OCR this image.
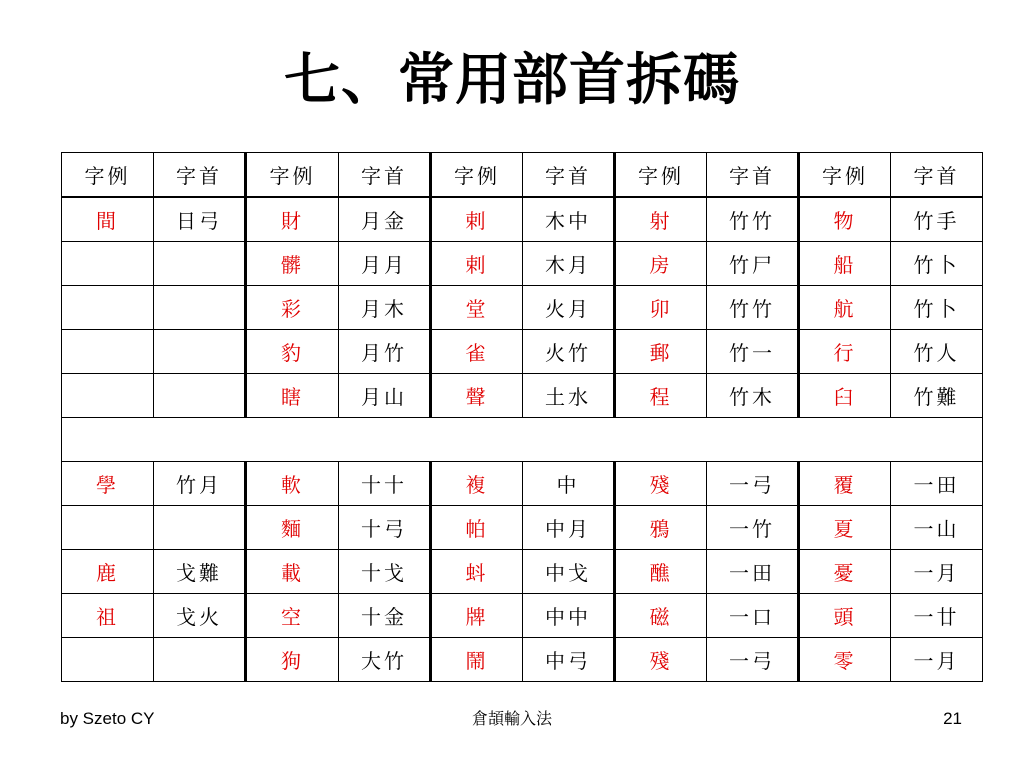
七、常用部首拆碼
字例	字首	字例	字首	字例	字首	字例	字首	字例	字首
間	日弓	財	月金	剌	木中	射	竹竹	物	竹手
		髒	月月	剌	木月	房	竹尸	船	竹卜
		彩	月木	堂	火月	卯	竹竹	航	竹卜
		豹	月竹	雀	火竹	郵	竹一	行	竹人
		瞎	月山	聲	土水	程	竹木	臼	竹難

學	竹月	軟	十十	複	中	殘	一弓	覆	一田
		麵	十弓	帕	中月	鴉	一竹	夏	一山
鹿	戈難	載	十戈	蚪	中戈	醮	一田	憂	一月
祖	戈火	空	十金	牌	中中	磁	一口	頭	一廿
		狗	大竹	鬧	中弓	殘	一弓	零	一月
by Szeto CY	倉頡輸入法	21
